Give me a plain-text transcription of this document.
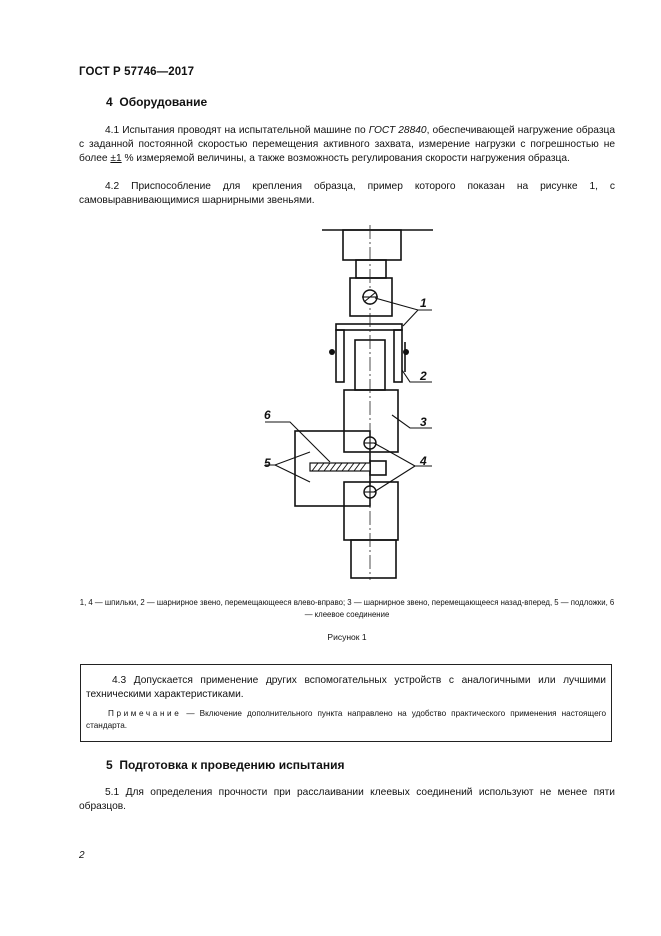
ГОСТ Р 57746—2017
4 Оборудование
4.1 Испытания проводят на испытательной машине по ГОСТ 28840, обеспечивающей нагружение образца с заданной постоянной скоростью перемещения активного захвата, измерение нагрузки с погрешностью не более ±1 % измеряемой величины, а также возможность регулирования скорости нагружения образца.
4.2 Приспособление для крепления образца, пример которого показан на рисунке 1, с самовыравнивающимися шарнирными звеньями.
1
2
3
4
5
6
1, 4 — шпильки, 2 — шарнирное звено, перемещающееся влево-вправо; 3 — шарнирное звено, перемещающееся назад-вперед, 5 — подложки, 6 — клеевое соединение
Рисунок 1
4.3 Допускается применение других вспомогательных устройств с аналогичными или лучшими техническими характеристиками.
Примечание — Включение дополнительного пункта направлено на удобство практического применения настоящего стандарта.
5 Подготовка к проведению испытания
5.1 Для определения прочности при расслаивании клеевых соединений используют не менее пяти образцов.
2
